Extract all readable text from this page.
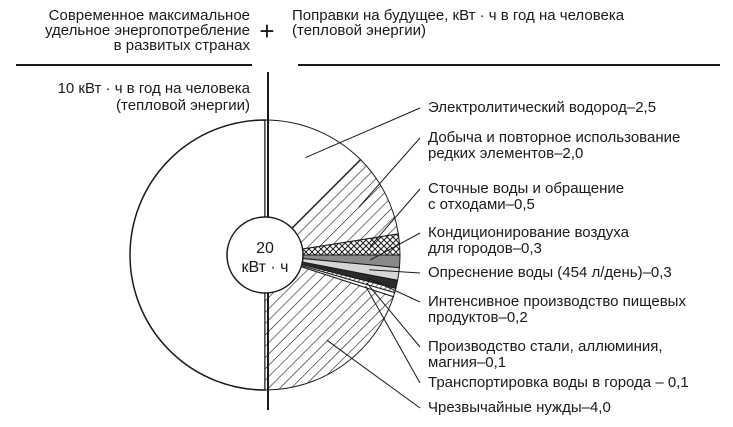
Современное максимальное
удельное энергопотребление
в развитых странах +
Поправки на будущее, кВт · ч в год на человека
(тепловой энергии)
10 кВт · ч в год на человека
(тепловой энергии)
20
кВт · ч
Электролитический водород–2,5
Добыча и повторное использование
редких элементов–2,0
Сточные воды и обращение
с отходами–0,5
Кондиционирование воздуха
для городов–0,3
Опреснение воды (454 л/день)–0,3
Интенсивное производство пищевых
продуктов–0,2
Производство стали, аллюминия,
магния–0,1
Транспортировка воды в города – 0,1
Чрезвычайные нужды–4,0
